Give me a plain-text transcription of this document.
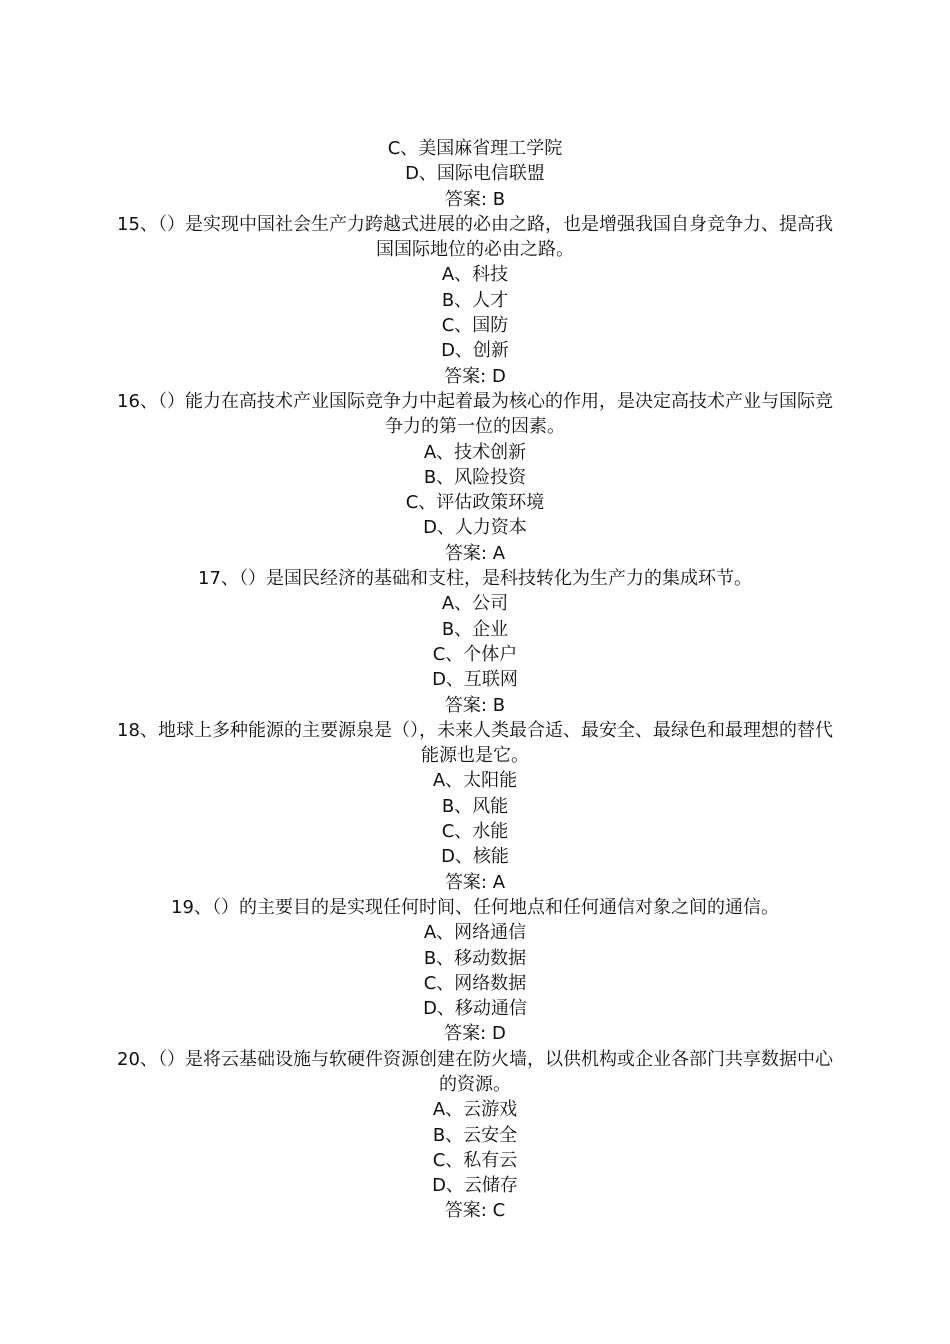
C、美国麻省理工学院
D、国际电信联盟
答案: B
15、（）是实现中国社会生产力跨越式进展的必由之路，也是增强我国自身竞争力、提高我国国际地位的必由之路。
A、科技
B、人才
C、国防
D、创新
答案: D
16、（）能力在高技术产业国际竞争力中起着最为核心的作用，是决定高技术产业与国际竞争力的第一位的因素。
A、技术创新
B、风险投资
C、评估政策环境
D、人力资本
答案: A
17、（）是国民经济的基础和支柱，是科技转化为生产力的集成环节。
A、公司
B、企业
C、个体户
D、互联网
答案: B
18、地球上多种能源的主要源泉是（），未来人类最合适、最安全、最绿色和最理想的替代能源也是它。
A、太阳能
B、风能
C、水能
D、核能
答案: A
19、（）的主要目的是实现任何时间、任何地点和任何通信对象之间的通信。
A、网络通信
B、移动数据
C、网络数据
D、移动通信
答案: D
20、（）是将云基础设施与软硬件资源创建在防火墙，以供机构或企业各部门共享数据中心的资源。
A、云游戏
B、云安全
C、私有云
D、云储存
答案: C
